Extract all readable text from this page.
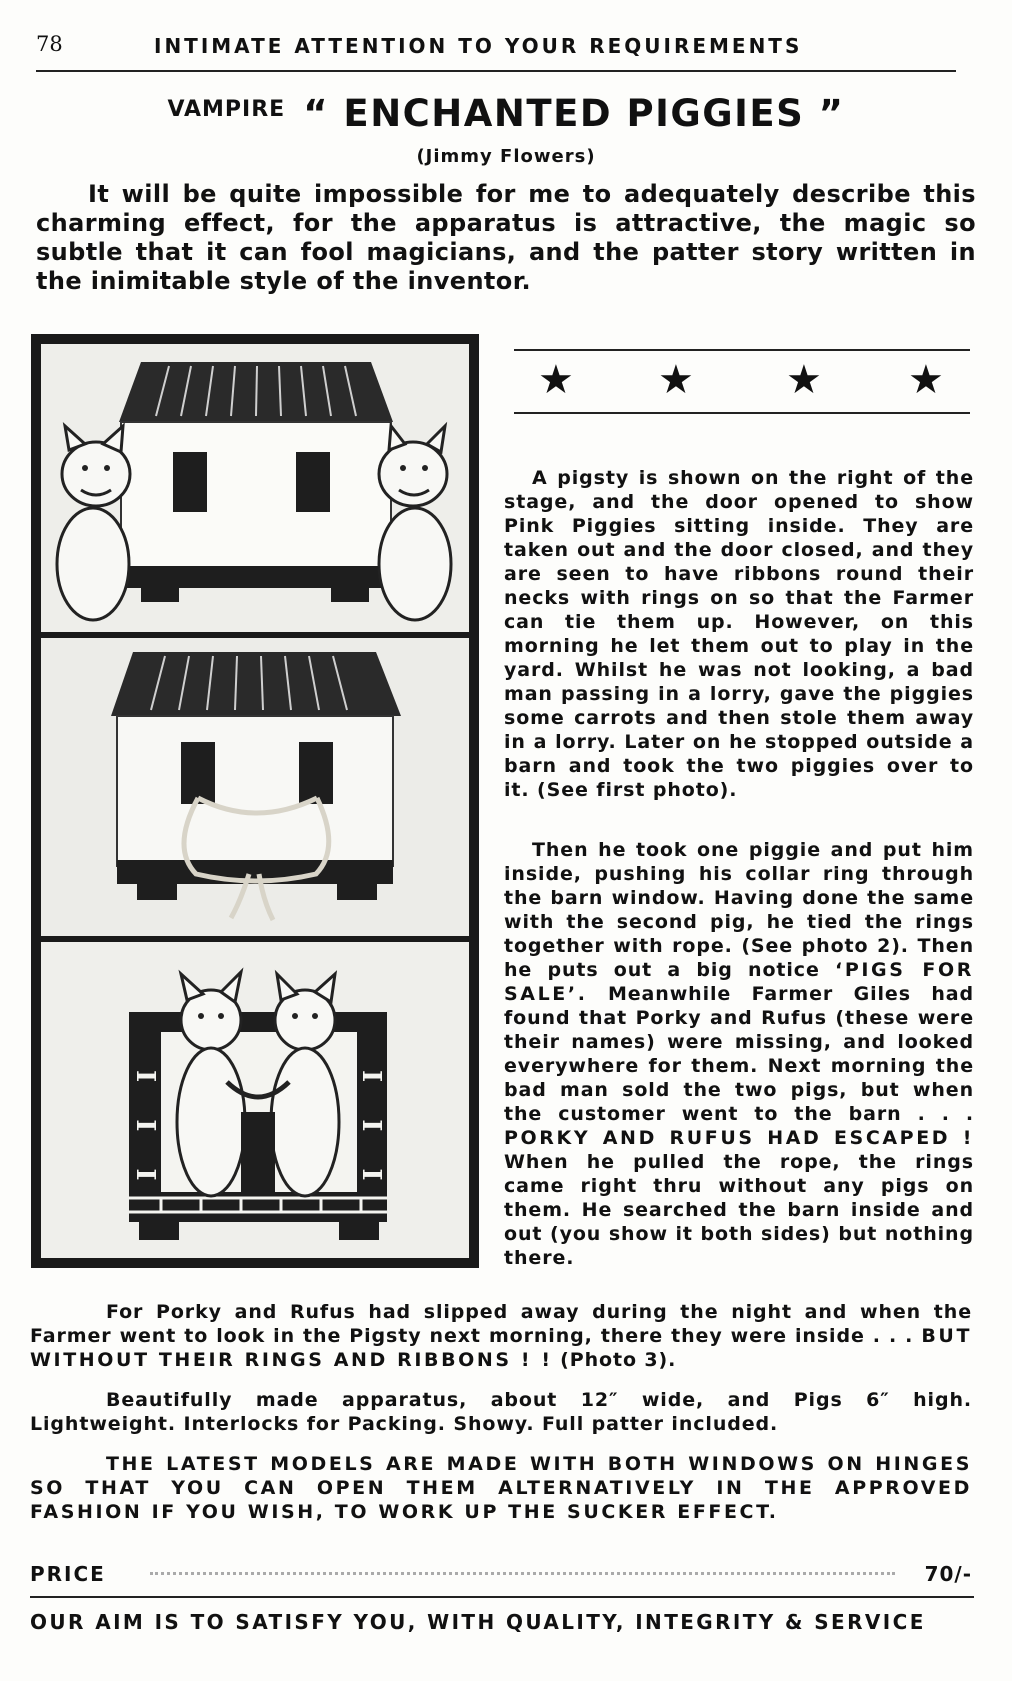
78	INTIMATE ATTENTION TO YOUR REQUIREMENTS
VAMPIRE “ ENCHANTED PIGGIES ”
(Jimmy Flowers)
It will be quite impossible for me to adequately describe this charming effect, for the apparatus is attractive, the magic so subtle that it can fool magicians, and the patter story written in the inimitable style of the inventor.
I I I	I I I
★ ★ ★ ★
A pigsty is shown on the right of the stage, and the door opened to show Pink Piggies sitting inside. They are taken out and the door closed, and they are seen to have ribbons round their necks with rings on so that the Farmer can tie them up. However, on this morning he let them out to play in the yard. Whilst he was not looking, a bad man passing in a lorry, gave the piggies some carrots and then stole them away in a lorry. Later on he stopped outside a barn and took the two piggies over to it. (See first photo).
Then he took one piggie and put him inside, pushing his collar ring through the barn window. Having done the same with the second pig, he tied the rings together with rope. (See photo 2). Then he puts out a big notice ‘PIGS FOR SALE’. Meanwhile Farmer Giles had found that Porky and Rufus (these were their names) were missing, and looked everywhere for them. Next morning the bad man sold the two pigs, but when the customer went to the barn . . . PORKY AND RUFUS HAD ESCAPED ! When he pulled the rope, the rings came right thru without any pigs on them. He searched the barn inside and out (you show it both sides) but nothing there.
For Porky and Rufus had slipped away during the night and when the Farmer went to look in the Pigsty next morning, there they were inside . . . BUT WITHOUT THEIR RINGS AND RIBBONS ! ! (Photo 3).
Beautifully made apparatus, about 12″ wide, and Pigs 6″ high. Lightweight. Interlocks for Packing. Showy. Full patter included.
THE LATEST MODELS ARE MADE WITH BOTH WINDOWS ON HINGES SO THAT YOU CAN OPEN THEM ALTERNATIVELY IN THE APPROVED FASHION IF YOU WISH, TO WORK UP THE SUCKER EFFECT.
PRICE	70/-
OUR AIM IS TO SATISFY YOU, WITH QUALITY, INTEGRITY & SERVICE
